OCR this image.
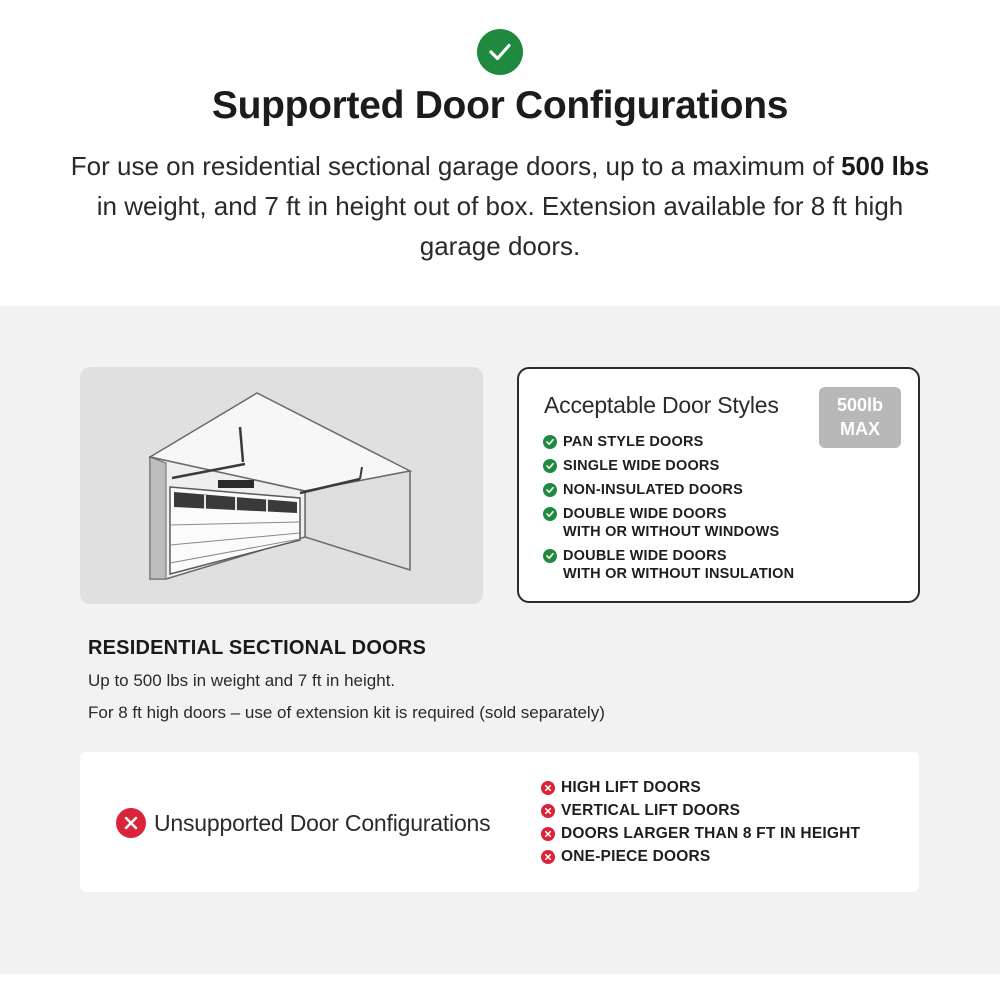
Supported Door Configurations
For use on residential sectional garage doors, up to a maximum of 500 lbs in weight, and 7 ft in height out of box. Extension available for 8 ft high garage doors.
Acceptable Door Styles	500lb
MAX
PAN STYLE DOORS
SINGLE WIDE DOORS
NON-INSULATED DOORS
DOUBLE WIDE DOORS
WITH OR WITHOUT WINDOWS
DOUBLE WIDE DOORS
WITH OR WITHOUT INSULATION
RESIDENTIAL SECTIONAL DOORS
Up to 500 lbs in weight and 7 ft in height.
For 8 ft high doors – use of extension kit is required (sold separately)
Unsupported Door Configurations
HIGH LIFT DOORS
VERTICAL LIFT DOORS
DOORS LARGER THAN 8 FT IN HEIGHT
ONE-PIECE DOORS
